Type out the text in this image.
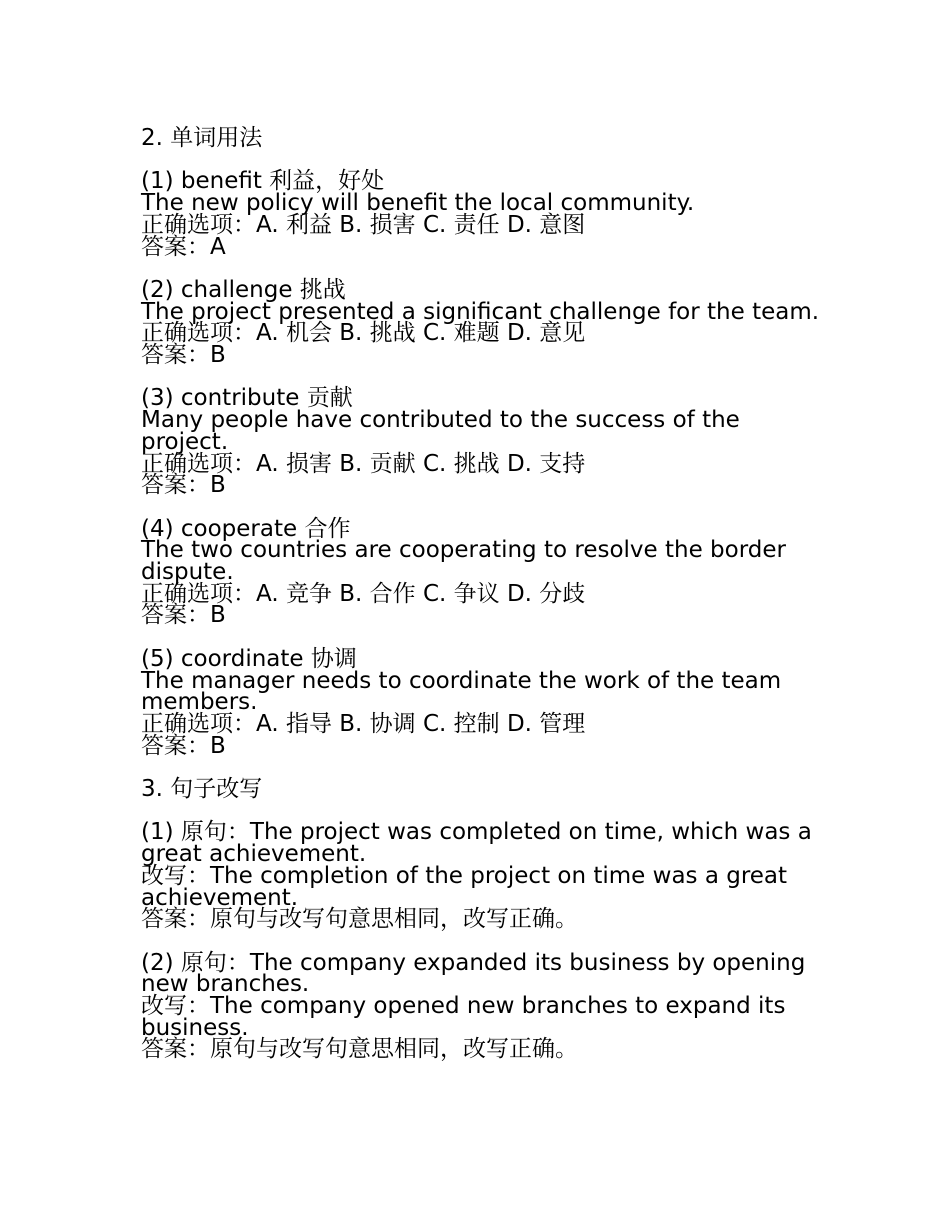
2. 单词用法
(1) benefit 利益，好处
The new policy will benefit the local community.
正确选项：A. 利益 B. 损害 C. 责任 D. 意图
答案：A
(2) challenge 挑战
The project presented a significant challenge for the team.
正确选项：A. 机会 B. 挑战 C. 难题 D. 意见
答案：B
(3) contribute 贡献
Many people have contributed to the success of the project.
正确选项：A. 损害 B. 贡献 C. 挑战 D. 支持
答案：B
(4) cooperate 合作
The two countries are cooperating to resolve the border dispute.
正确选项：A. 竞争 B. 合作 C. 争议 D. 分歧
答案：B
(5) coordinate 协调
The manager needs to coordinate the work of the team members.
正确选项：A. 指导 B. 协调 C. 控制 D. 管理
答案：B
3. 句子改写
(1) 原句：The project was completed on time, which was a great achievement.
改写：The completion of the project on time was a great achievement.
答案：原句与改写句意思相同，改写正确。
(2) 原句：The company expanded its business by opening new branches.
改写：The company opened new branches to expand its business.
答案：原句与改写句意思相同，改写正确。
